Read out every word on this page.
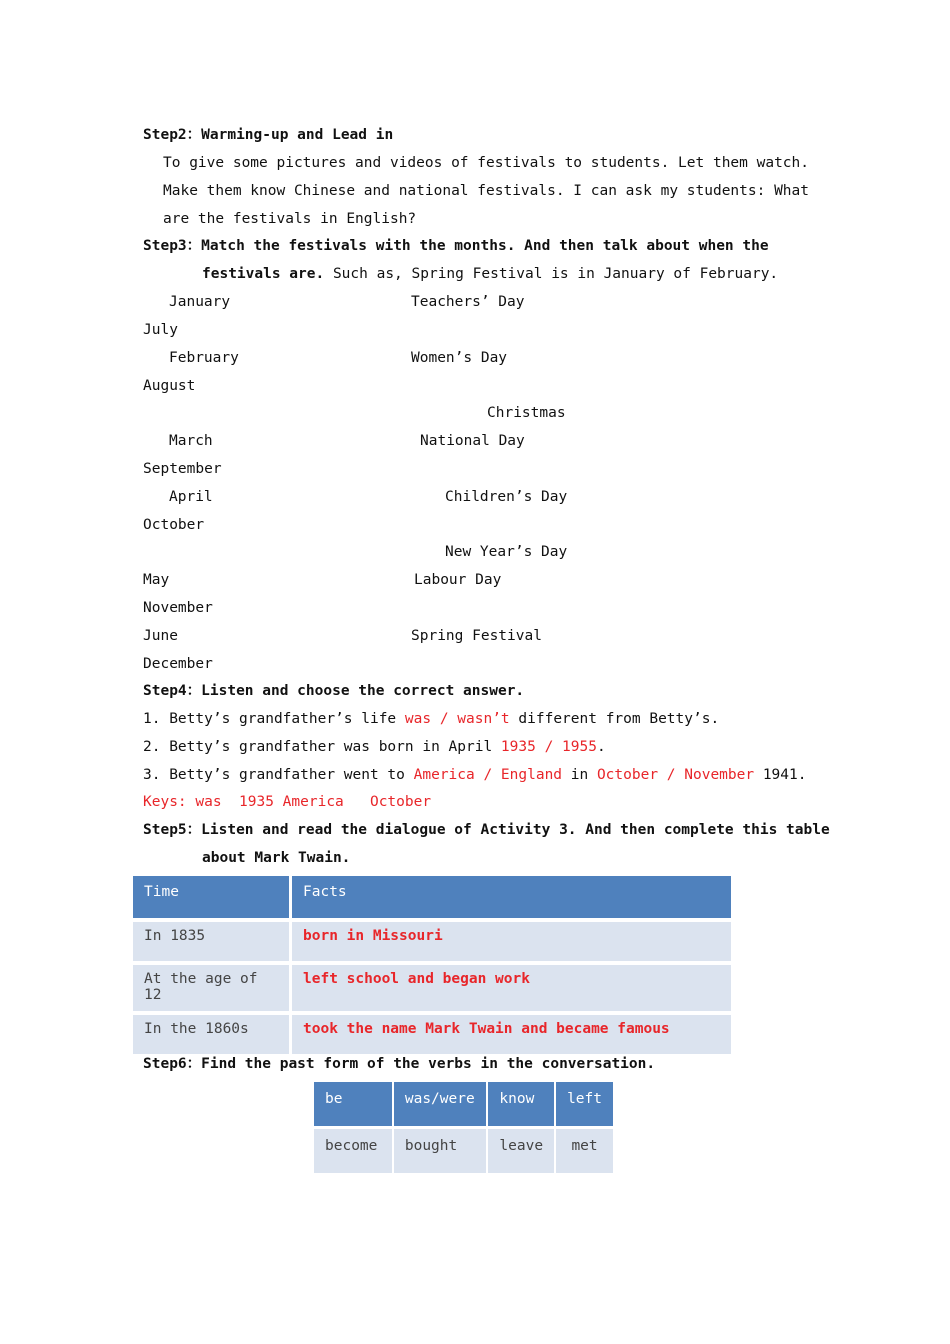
Step2：Warming-up and Lead in
To give some pictures and videos of festivals to students. Let them watch.
Make them know Chinese and national festivals. I can ask my students: What
are the festivals in English?
Step3：Match the festivals with the months. And then talk about when the
festivals are. Such as, Spring Festival is in January of February.
January	Teachers’ Day
July
February	Women’s Day
August
Christmas
March	National Day
September
April	Children’s Day
October
New Year’s Day
May	Labour Day
November
June	Spring Festival
December
Step4：Listen and choose the correct answer.
1. Betty’s grandfather’s life was / wasn’t different from Betty’s.
2. Betty’s grandfather was born in April 1935 / 1955.
3. Betty’s grandfather went to America / England in October / November 1941.
Keys: was  1935 America   October
Step5：Listen and read the dialogue of Activity 3. And then complete this table
about Mark Twain.
Time	Facts
In 1835	born in Missouri
At the age of 12	left school and began work
In the 1860s	took the name Mark Twain and became famous
Step6：Find the past form of the verbs in the conversation.
be	was/were	know	left
become	bought	leave	met
